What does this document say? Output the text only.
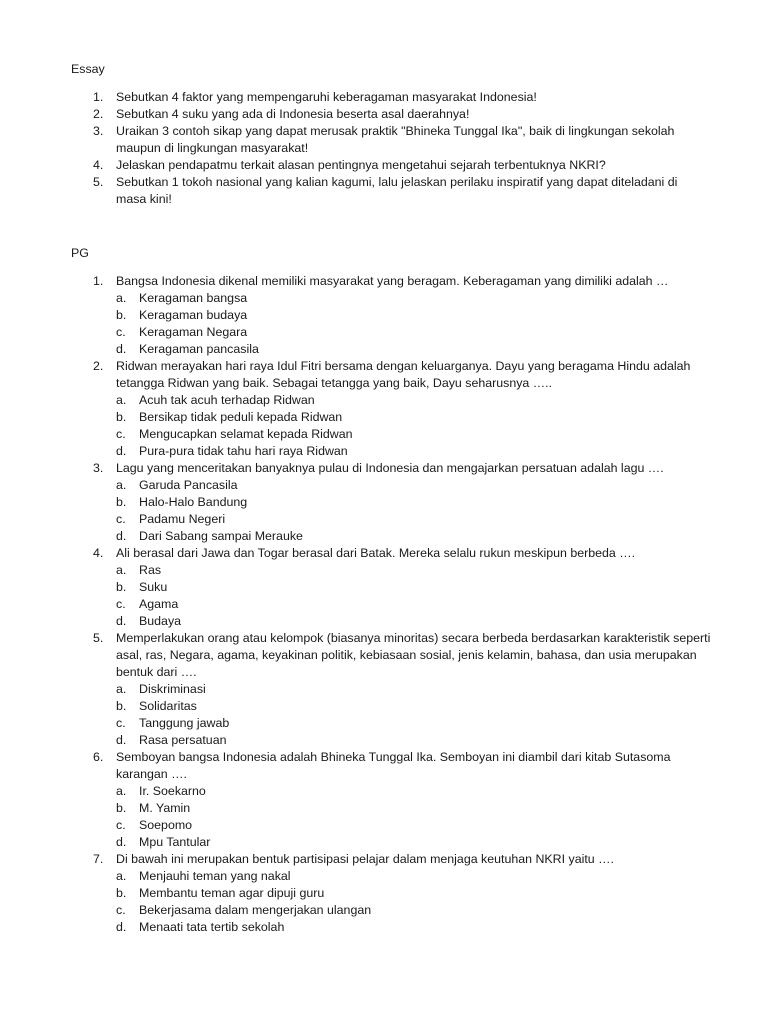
Essay
1. Sebutkan 4 faktor yang mempengaruhi keberagaman masyarakat Indonesia!
2. Sebutkan 4 suku yang ada di Indonesia beserta asal daerahnya!
3. Uraikan 3 contoh sikap yang dapat merusak praktik "Bhineka Tunggal Ika", baik di lingkungan sekolah maupun di lingkungan masyarakat!
4. Jelaskan pendapatmu terkait alasan pentingnya mengetahui sejarah terbentuknya NKRI?
5. Sebutkan 1 tokoh nasional yang kalian kagumi, lalu jelaskan perilaku inspiratif yang dapat diteladani di masa kini!
PG
1. Bangsa Indonesia dikenal memiliki masyarakat yang beragam. Keberagaman yang dimiliki adalah …
a. Keragaman bangsa
b. Keragaman budaya
c. Keragaman Negara
d. Keragaman pancasila
2. Ridwan merayakan hari raya Idul Fitri bersama dengan keluarganya. Dayu yang beragama Hindu adalah tetangga Ridwan yang baik. Sebagai tetangga yang baik, Dayu seharusnya …..
a. Acuh tak acuh terhadap Ridwan
b. Bersikap tidak peduli kepada Ridwan
c. Mengucapkan selamat kepada Ridwan
d. Pura-pura tidak tahu hari raya Ridwan
3. Lagu yang menceritakan banyaknya pulau di Indonesia dan mengajarkan persatuan adalah lagu ….
a. Garuda Pancasila
b. Halo-Halo Bandung
c. Padamu Negeri
d. Dari Sabang sampai Merauke
4. Ali berasal dari Jawa dan Togar berasal dari Batak. Mereka selalu rukun meskipun berbeda ….
a. Ras
b. Suku
c. Agama
d. Budaya
5. Memperlakukan orang atau kelompok (biasanya minoritas) secara berbeda berdasarkan karakteristik seperti asal, ras, Negara, agama, keyakinan politik, kebiasaan sosial, jenis kelamin, bahasa, dan usia merupakan bentuk dari ….
a. Diskriminasi
b. Solidaritas
c. Tanggung jawab
d. Rasa persatuan
6. Semboyan bangsa Indonesia adalah Bhineka Tunggal Ika. Semboyan ini diambil dari kitab Sutasoma karangan ….
a. Ir. Soekarno
b. M. Yamin
c. Soepomo
d. Mpu Tantular
7. Di bawah ini merupakan bentuk partisipasi pelajar dalam menjaga keutuhan NKRI yaitu ….
a. Menjauhi teman yang nakal
b. Membantu teman agar dipuji guru
c. Bekerjasama dalam mengerjakan ulangan
d. Menaati tata tertib sekolah
